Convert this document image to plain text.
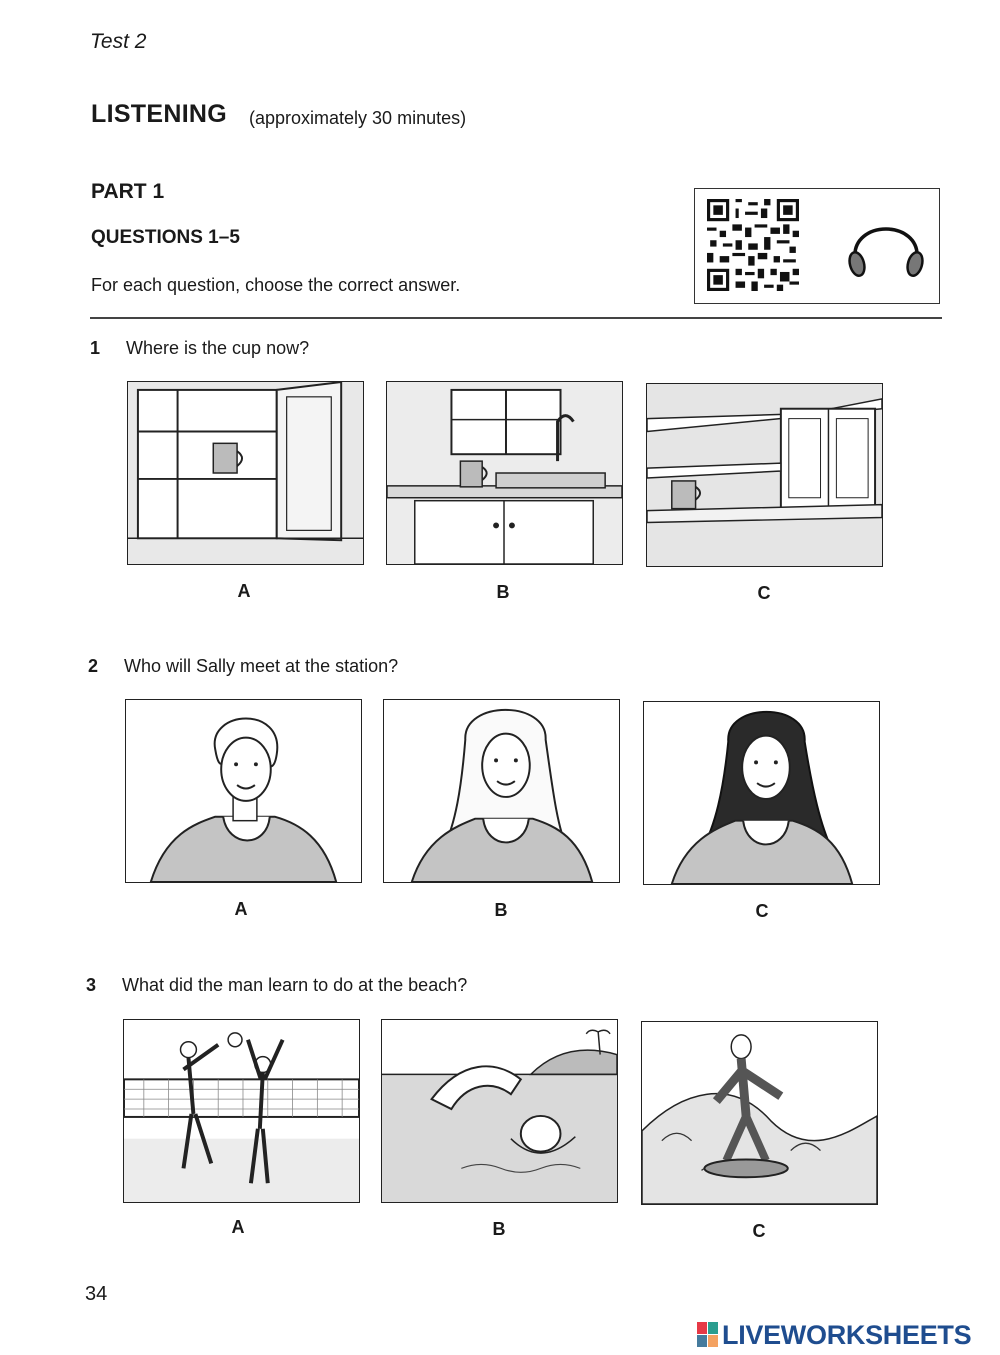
Test 2
LISTENING (approximately 30 minutes)
PART 1
QUESTIONS 1–5
For each question, choose the correct answer.
1 Where is the cup now?
A	B	C
2 Who will Sally meet at the station?
A	B	C
3 What did the man learn to do at the beach?
A	B	C
34
LIVEWORKSHEETS
